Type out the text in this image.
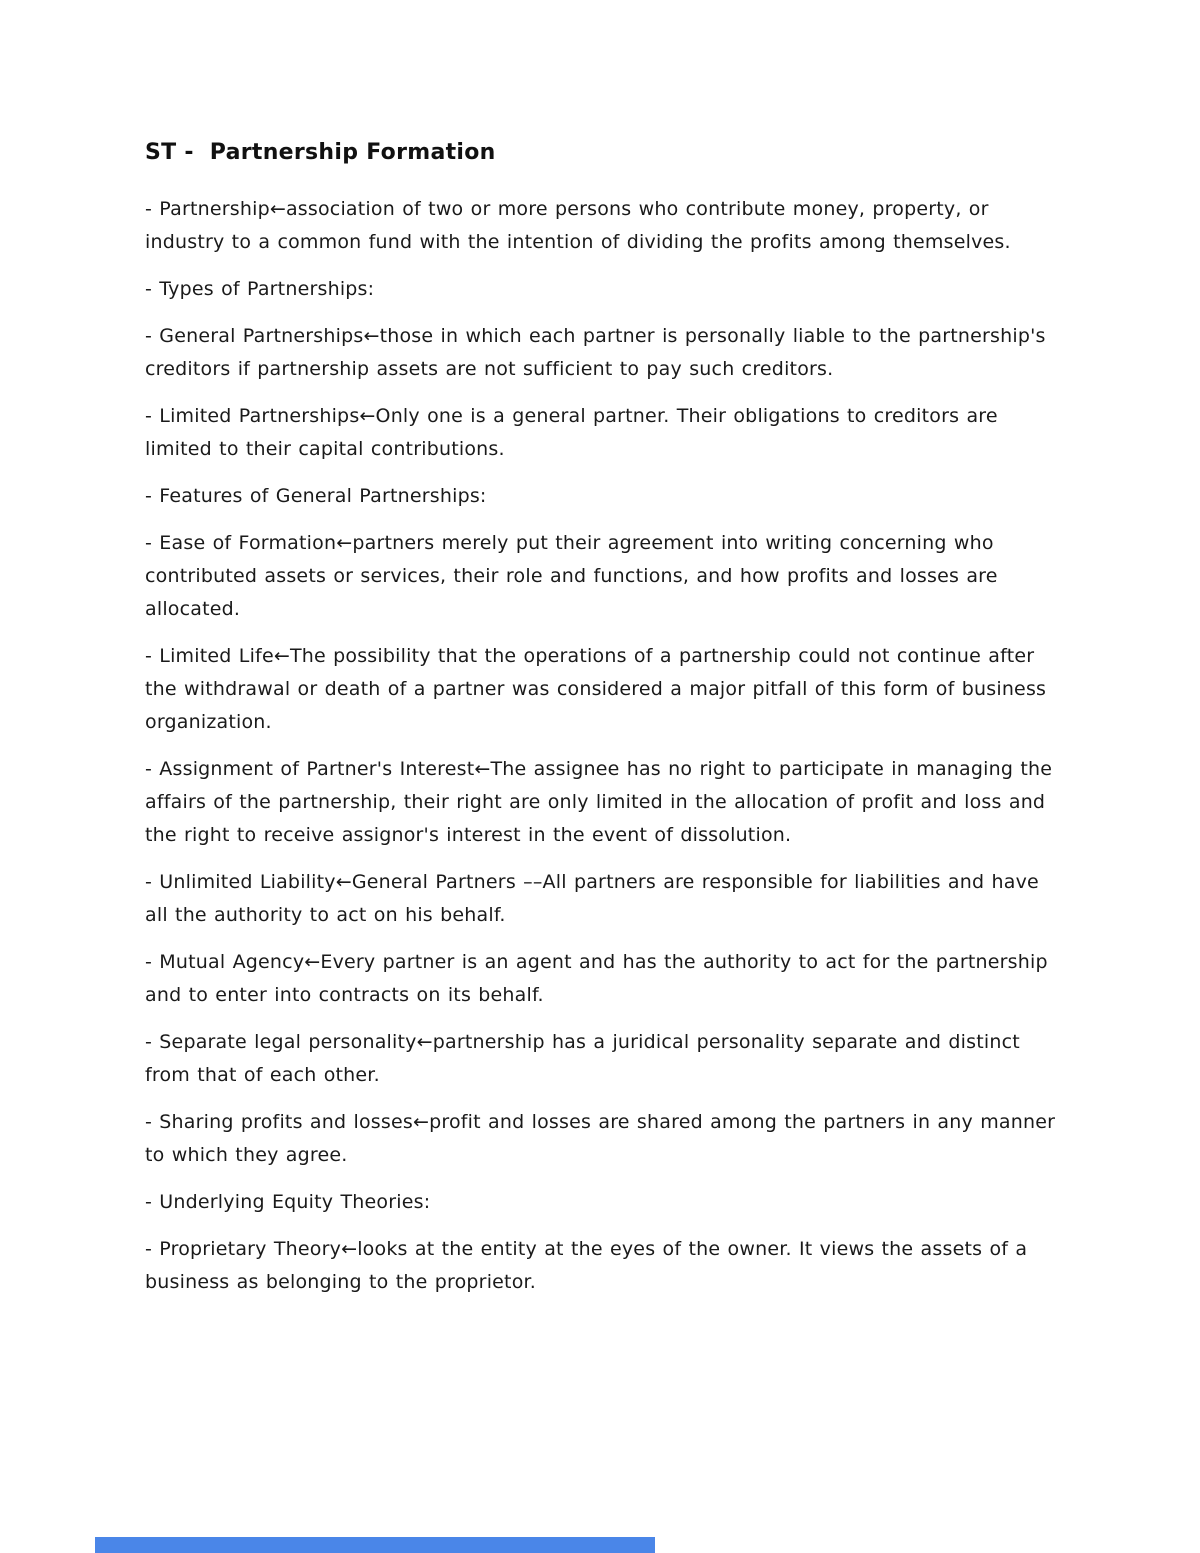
ST -  Partnership Formation

- Partnership←association of two or more persons who contribute money, property, or industry to a common fund with the intention of dividing the profits among themselves.

- Types of Partnerships:

- General Partnerships←those in which each partner is personally liable to the partnership's creditors if partnership assets are not sufficient to pay such creditors.

- Limited Partnerships←Only one is a general partner. Their obligations to creditors are limited to their capital contributions.

- Features of General Partnerships:

- Ease of Formation←partners merely put their agreement into writing concerning who contributed assets or services, their role and functions, and how profits and losses are allocated.

- Limited Life←The possibility that the operations of a partnership could not continue after the withdrawal or death of a partner was considered a major pitfall of this form of business organization.

- Assignment of Partner's Interest←The assignee has no right to participate in managing the affairs of the partnership, their right are only limited in the allocation of profit and loss and the right to receive assignor's interest in the event of dissolution.

- Unlimited Liability←General Partners ––All partners are responsible for liabilities and have all the authority to act on his behalf.

- Mutual Agency←Every partner is an agent and has the authority to act for the partnership and to enter into contracts on its behalf.

- Separate legal personality←partnership has a juridical personality separate and distinct from that of each other.

- Sharing profits and losses←profit and losses are shared among the partners in any manner to which they agree.

- Underlying Equity Theories:

- Proprietary Theory←looks at the entity at the eyes of the owner. It views the assets of a business as belonging to the proprietor.
